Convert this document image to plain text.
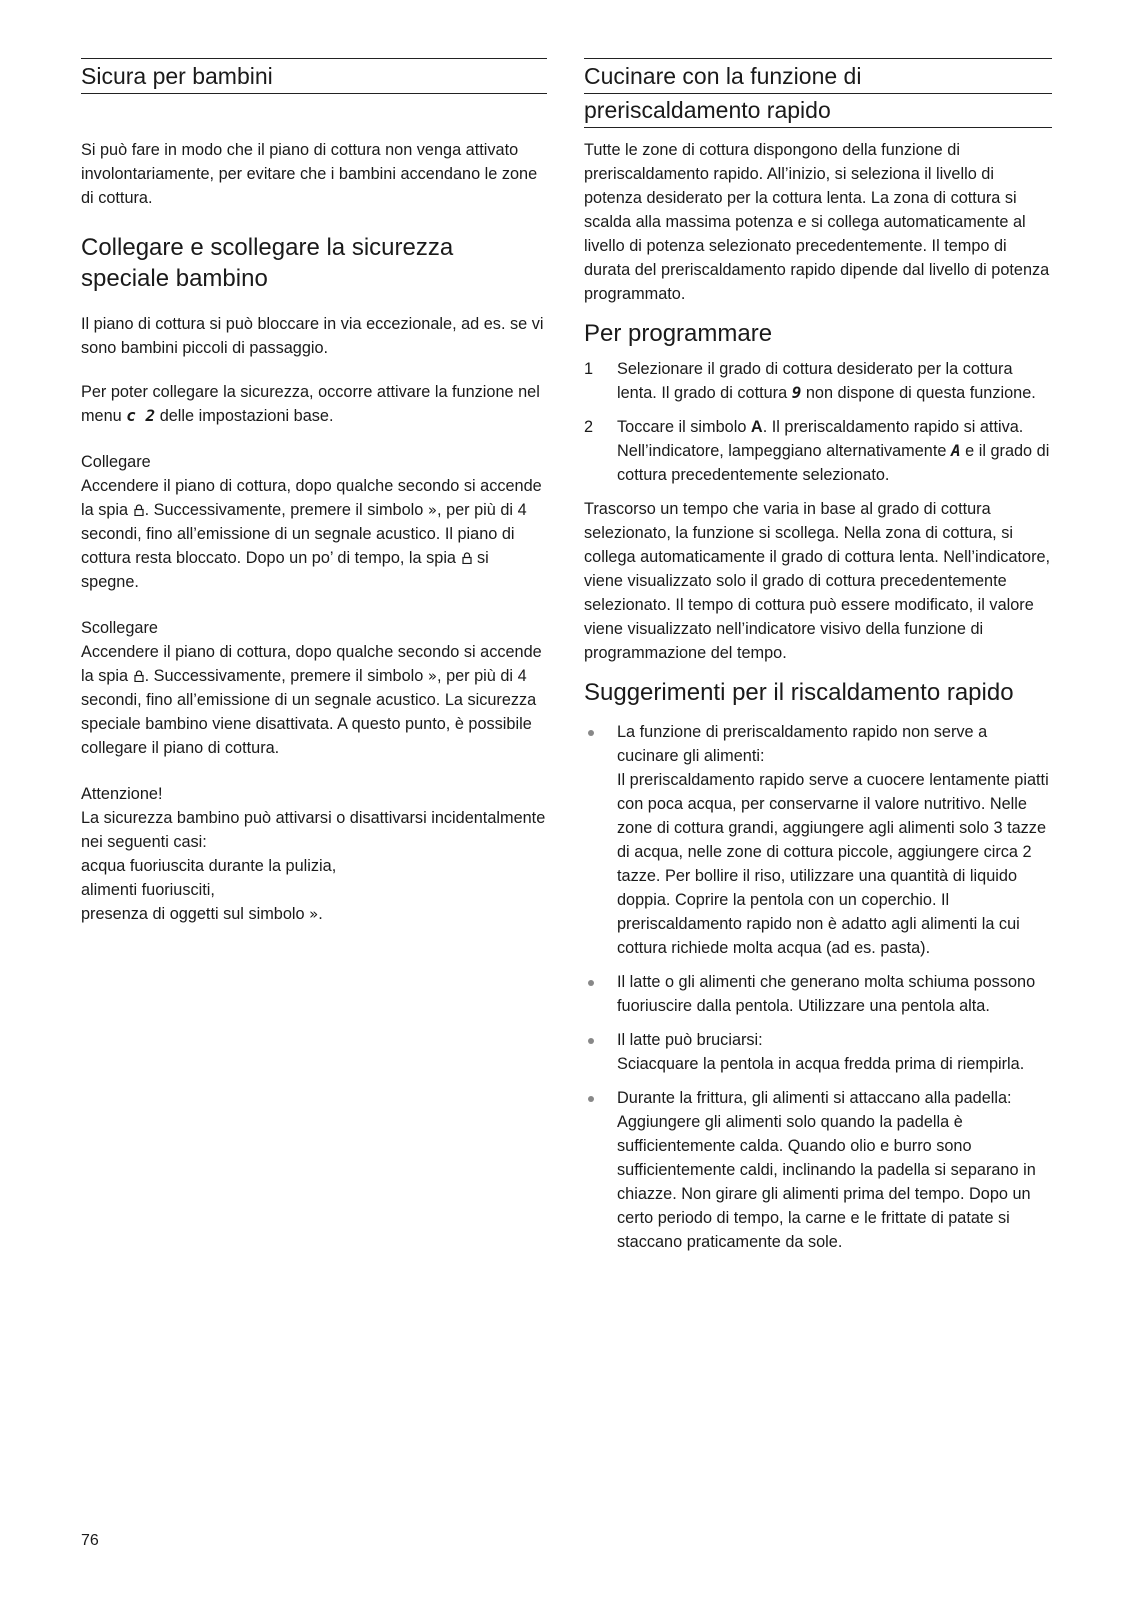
Sicura per bambini

Si può fare in modo che il piano di cottura non venga attivato involontariamente, per evitare che i bambini accendano le zone di cottura.

Collegare e scollegare la sicurezza speciale bambino

Il piano di cottura si può bloccare in via eccezionale, ad es. se vi sono bambini piccoli di passaggio.

Per poter collegare la sicurezza, occorre attivare la funzione nel menu c 2 delle impostazioni base.

Collegare

Accendere il piano di cottura, dopo qualche secondo si accende la spia . Successivamente, premere il simbolo », per più di 4 secondi, fino all’emissione di un segnale acustico. Il piano di cottura resta bloccato. Dopo un po’ di tempo, la spia  si spegne.

Scollegare

Accendere il piano di cottura, dopo qualche secondo si accende la spia . Successivamente, premere il simbolo », per più di 4 secondi, fino all’emissione di un segnale acustico. La sicurezza speciale bambino viene disattivata. A questo punto, è possibile collegare il piano di cottura.

Attenzione!

La sicurezza bambino può attivarsi o disattivarsi incidentalmente nei seguenti casi:
acqua fuoriuscita durante la pulizia,
alimenti fuoriusciti,
presenza di oggetti sul simbolo ».

Cucinare con la funzione di
preriscaldamento rapido

Tutte le zone di cottura dispongono della funzione di preriscaldamento rapido. All’inizio, si seleziona il livello di potenza desiderato per la cottura lenta. La zona di cottura si scalda alla massima potenza e si collega automaticamente al livello di potenza selezionato precedentemente. Il tempo di durata del preriscaldamento rapido dipende dal livello di potenza programmato.

Per programmare
1 Selezionare il grado di cottura desiderato per la cottura lenta. Il grado di cottura 9 non dispone di questa funzione.
2 Toccare il simbolo A. Il preriscaldamento rapido si attiva. Nell’indicatore, lampeggiano alternativamente A e il grado di cottura precedentemente selezionato.

Trascorso un tempo che varia in base al grado di cottura selezionato, la funzione si scollega. Nella zona di cottura, si collega automaticamente il grado di cottura lenta. Nell’indicatore, viene visualizzato solo il grado di cottura precedentemente selezionato. Il tempo di cottura può essere modificato, il valore viene visualizzato nell’indicatore visivo della funzione di programmazione del tempo.

Suggerimenti per il riscaldamento rapido
La funzione di preriscaldamento rapido non serve a cucinare gli alimenti:
Il preriscaldamento rapido serve a cuocere lentamente piatti con poca acqua, per conservarne il valore nutritivo. Nelle zone di cottura grandi, aggiungere agli alimenti solo 3 tazze di acqua, nelle zone di cottura piccole, aggiungere circa 2 tazze. Per bollire il riso, utilizzare una quantità di liquido doppia. Coprire la pentola con un coperchio. Il preriscaldamento rapido non è adatto agli alimenti la cui cottura richiede molta acqua (ad es. pasta).
Il latte o gli alimenti che generano molta schiuma possono fuoriuscire dalla pentola. Utilizzare una pentola alta.
Il latte può bruciarsi:
Sciacquare la pentola in acqua fredda prima di riempirla.
Durante la frittura, gli alimenti si attaccano alla padella:
Aggiungere gli alimenti solo quando la padella è sufficientemente calda. Quando olio e burro sono sufficientemente caldi, inclinando la padella si separano in chiazze. Non girare gli alimenti prima del tempo. Dopo un certo periodo di tempo, la carne e le frittate di patate si staccano praticamente da sole.
76
